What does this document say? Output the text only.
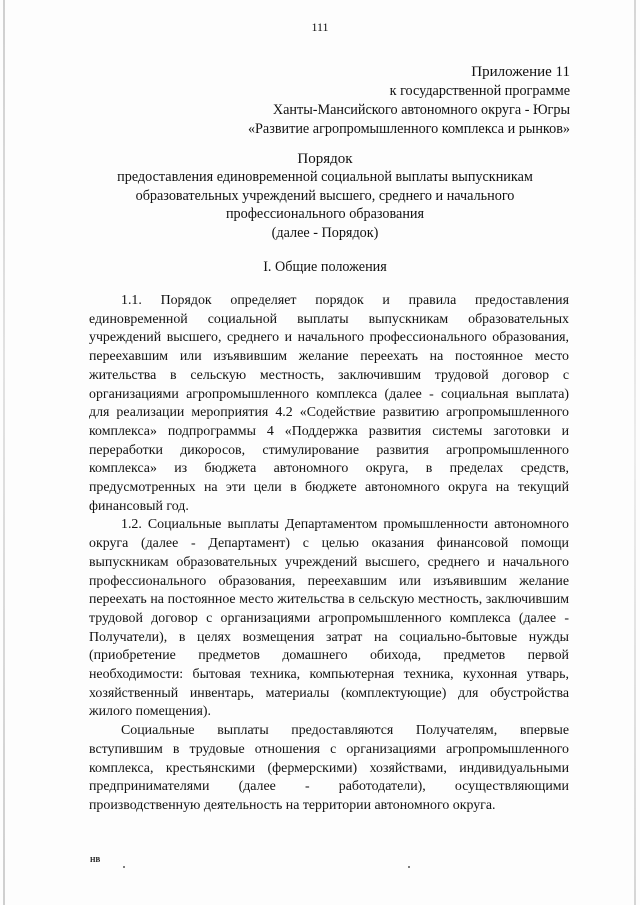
111
Приложение 11
к государственной программе
Ханты-Мансийского автономного округа - Югры
«Развитие агропромышленного комплекса и рынков»
Порядок
предоставления единовременной социальной выплаты выпускникам
образовательных учреждений высшего, среднего и начального
профессионального образования
(далее - Порядок)
I. Общие положения

1.1. Порядок определяет порядок и правила предоставления единовременной социальной выплаты выпускникам образовательных учреждений высшего, среднего и начального профессионального образования, переехавшим или изъявившим желание переехать на постоянное место жительства в сельскую местность, заключившим трудовой договор с организациями агропромышленного комплекса (далее - социальная выплата) для реализации мероприятия 4.2 «Содействие развитию агропромышленного комплекса» подпрограммы 4 «Поддержка развития системы заготовки и переработки дикоросов, стимулирование развития агропромышленного комплекса» из бюджета автономного округа, в пределах средств, предусмотренных на эти цели в бюджете автономного округа на текущий финансовый год.

1.2. Социальные выплаты Департаментом промышленности автономного округа (далее - Департамент) с целью оказания финансовой помощи выпускникам образовательных учреждений высшего, среднего и начального профессионального образования, переехавшим или изъявившим желание переехать на постоянное место жительства в сельскую местность, заключившим трудовой договор с организациями агропромышленного комплекса (далее - Получатели), в целях возмещения затрат на социально-бытовые нужды (приобретение предметов домашнего обихода, предметов первой необходимости: бытовая техника, компьютерная техника, кухонная утварь, хозяйственный инвентарь, материалы (комплектующие) для обустройства жилого помещения).

Социальные выплаты предоставляются Получателям, впервые вступившим в трудовые отношения с организациями агропромышленного комплекса, крестьянскими (фермерскими) хозяйствами, индивидуальными предпринимателями (далее - работодатели), осуществляющими производственную деятельность на территории автономного округа.

НВ
